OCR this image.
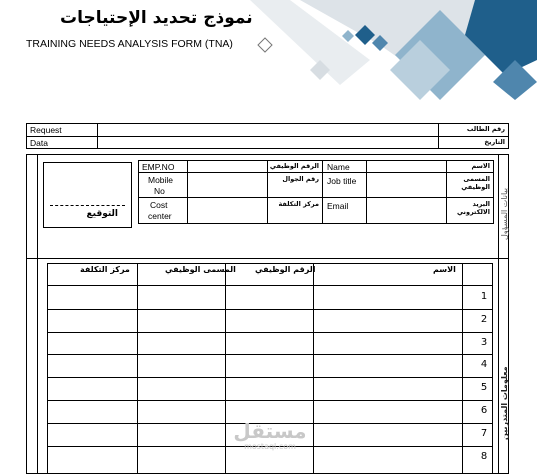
نموذج تحديد الإحتياجات
TRAINING NEEDS ANALYSIS FORM (TNA)
Request
Data
رقم الطالب
التاريخ
التوقيع
EMP.NO
Mobile
No
Cost
center
الرقم الوظيفي
رقم الجوال
مركز التكلفة
Name
Job title
Email
الاسم
المسمى الوظيفي
البريد الالكتروني بيانات المسؤول
مركز التكلفة	المسمى الوظيفي الرقم الوظيفي	الاسم
1
2
3
4
5
6
7
8
معلومات المتدربين
مستقل
mostaql.com
